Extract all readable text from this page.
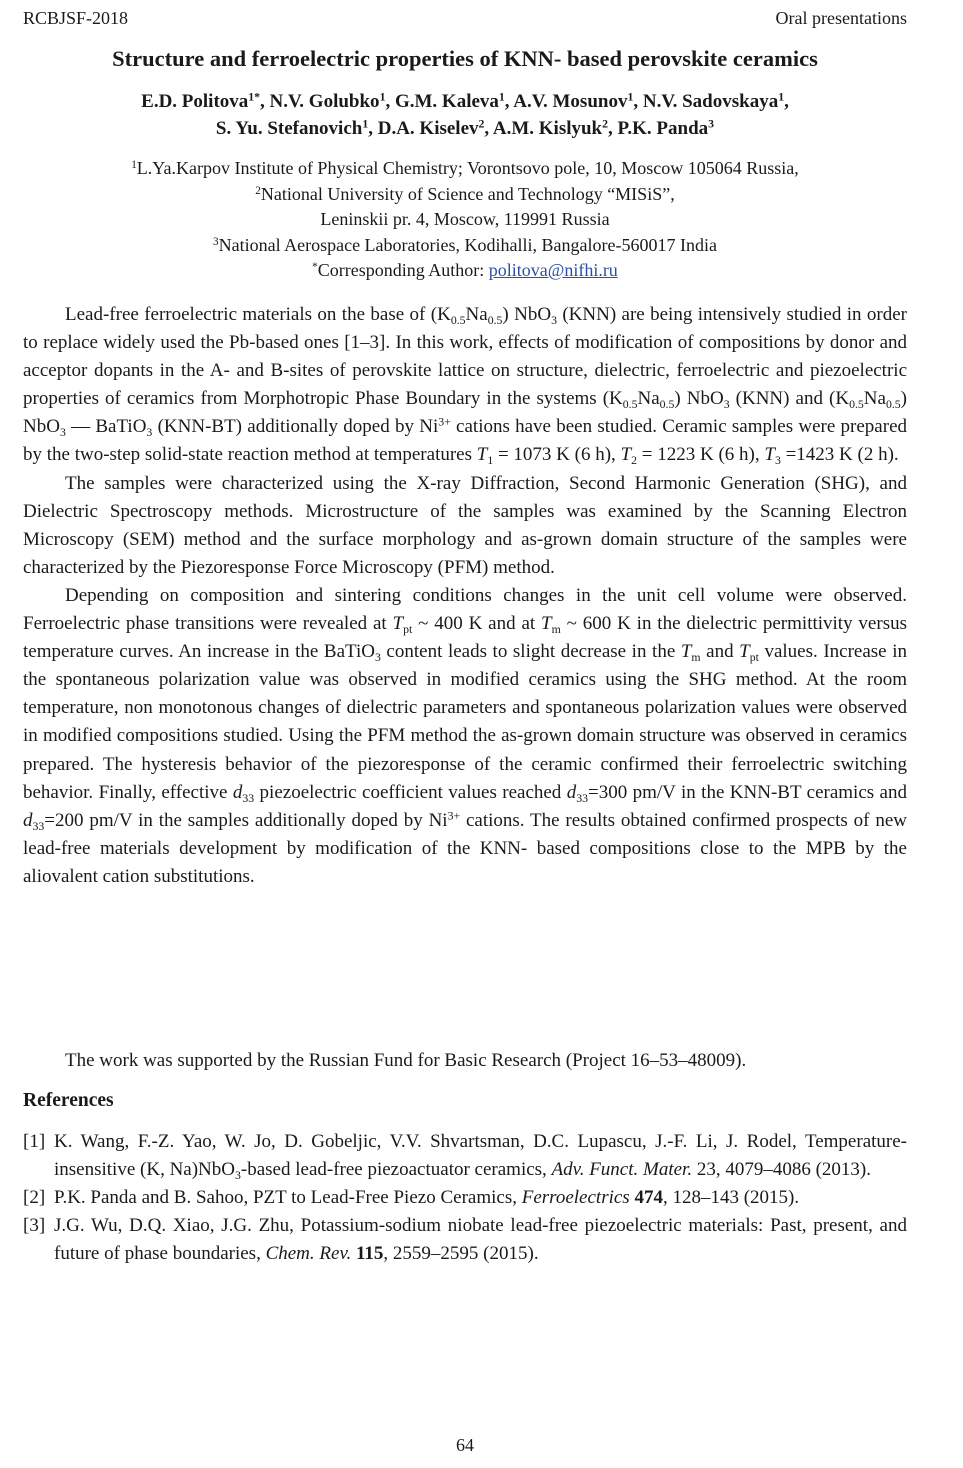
RCBJSF-2018	Oral presentations
Structure and ferroelectric properties of KNN- based perovskite ceramics
E.D. Politova$^{1*}$, N.V. Golubko$^1$, G.M. Kaleva$^1$, A.V. Mosunov$^1$, N.V. Sadovskaya$^1$,
S. Yu. Stefanovich$^1$, D.A. Kiselev$^2$, A.M. Kislyuk$^2$, P.K. Panda$^3$
$^1$L.Ya.Karpov Institute of Physical Chemistry; Vorontsovo pole, 10, Moscow 105064 Russia,
$^2$National University of Science and Technology “MISiS”,
Leninskii pr. 4, Moscow, 119991 Russia
$^3$National Aerospace Laboratories, Kodihalli, Bangalore-560017 India
*Corresponding Author: politova@nifhi.ru

Lead-free ferroelectric materials on the base of $(K_{0.5}Na_{0.5})$ NbO$_3$ (KNN) are being intensively studied in order to replace widely used the Pb-based ones [1–3]. In this work, effects of modification of compositions by donor and acceptor dopants in the A- and B-sites of perovskite lattice on structure, dielectric, ferroelectric and piezoelectric properties of ceramics from Morphotropic Phase Boundary in the systems $(K_{0.5}Na_{0.5})$ NbO$_3$ (KNN) and $(K_{0.5}Na_{0.5})$ NbO$_3$ — BaTiO$_3$ (KNN-BT) additionally doped by $Ni^{3+}$ cations have been studied. Ceramic samples were prepared by the two-step solid-state reaction method at temperatures $T_1 = 1073$ K (6 h), $T_2 = 1223$ K (6 h), $T_3 =1423$ K (2 h).

The samples were characterized using the X-ray Diffraction, Second Harmonic Generation (SHG), and Dielectric Spectroscopy methods. Microstructure of the samples was examined by the Scanning Electron Microscopy (SEM) method and the surface morphology and as-grown domain structure of the samples were characterized by the Piezoresponse Force Microscopy (PFM) method.

Depending on composition and sintering conditions changes in the unit cell volume were observed. Ferroelectric phase transitions were revealed at $T_{pt}$ ~ 400 K and at $T_m$ ~ 600 K in the dielectric permittivity versus temperature curves. An increase in the BaTiO$_3$ content leads to slight decrease in the $T_m$ and $T_{pt}$ values. Increase in the spontaneous polarization value was observed in modified ceramics using the SHG method. At the room temperature, non monotonous changes of dielectric parameters and spontaneous polarization values were observed in modified compositions studied. Using the PFM method the as-grown domain structure was observed in ceramics prepared. The hysteresis behavior of the piezoresponse of the ceramic confirmed their ferroelectric switching behavior. Finally, effective $d_{33}$ piezoelectric coefficient values reached $d_{33}=300$ pm/V in the KNN-BT ceramics and $d_{33}=200$ pm/V in the samples additionally doped by $Ni^{3+}$ cations. The results obtained confirmed prospects of new lead-free materials development by modification of the KNN- based compositions close to the MPB by the aliovalent cation substitutions.

The work was supported by the Russian Fund for Basic Research (Project 16–53–48009).

References

[1] K. Wang, F.-Z. Yao, W. Jo, D. Gobeljic, V.V. Shvartsman, D.C. Lupascu, J.-F. Li, J. Rodel, Temperature-insensitive (K, Na)NbO$_3$-based lead-free piezoactuator ceramics, Adv. Funct. Mater. 23, 4079–4086 (2013).

[2] P.K. Panda and B. Sahoo, PZT to Lead-Free Piezo Ceramics, Ferroelectrics 474, 128–143 (2015).

[3] J.G. Wu, D.Q. Xiao, J.G. Zhu, Potassium-sodium niobate lead-free piezoelectric materials: Past, present, and future of phase boundaries, Chem. Rev. 115, 2559–2595 (2015).

64
